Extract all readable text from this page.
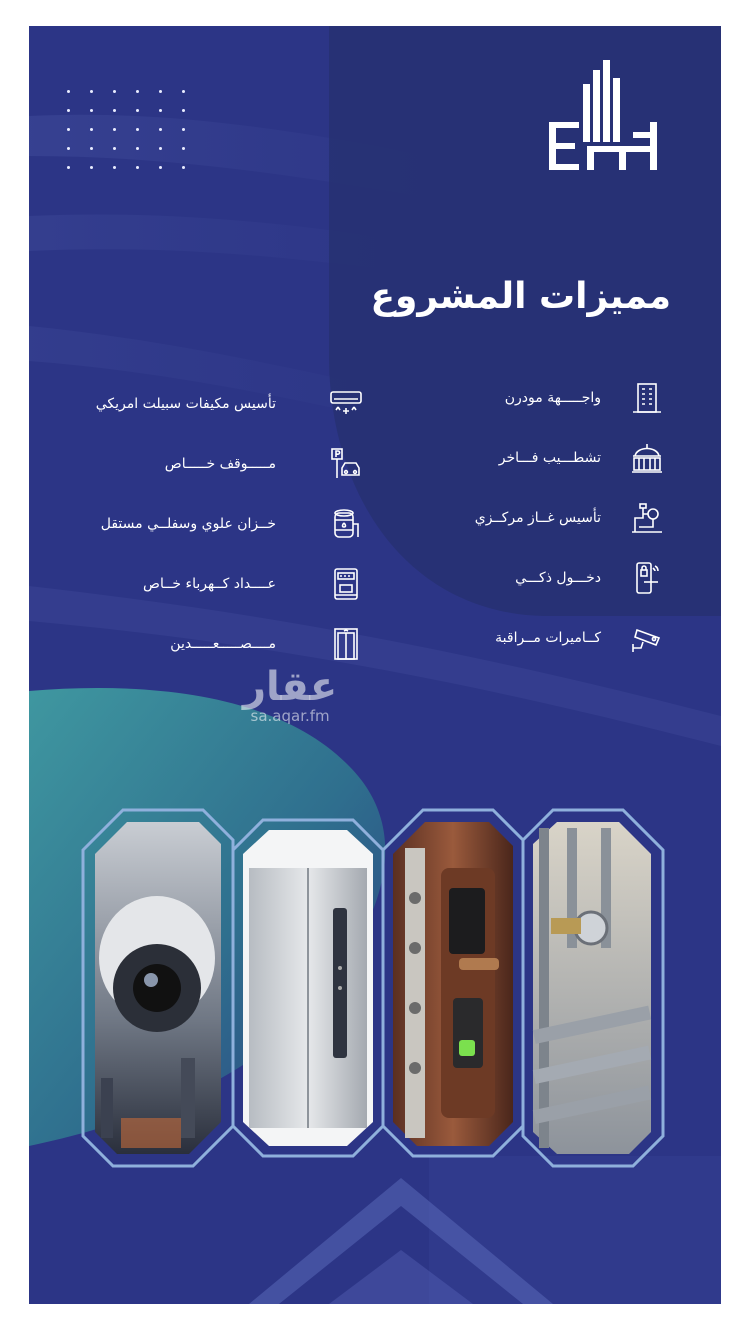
مميزات المشروع
واجـــــهة مودرن
تشطـــيب فـــاخر
تأسيس غــاز مركــزي
دخـــول ذكـــي
كــاميرات مــراقبة
تأسيس مكيفات سبيلت امريكي
مـــــوقف خـــــاص
خــزان علوي وسفلــي مستقل
عــــداد كــهرباء خــاص
مــــصـــــعـــــدين
عقار
sa.aqar.fm
